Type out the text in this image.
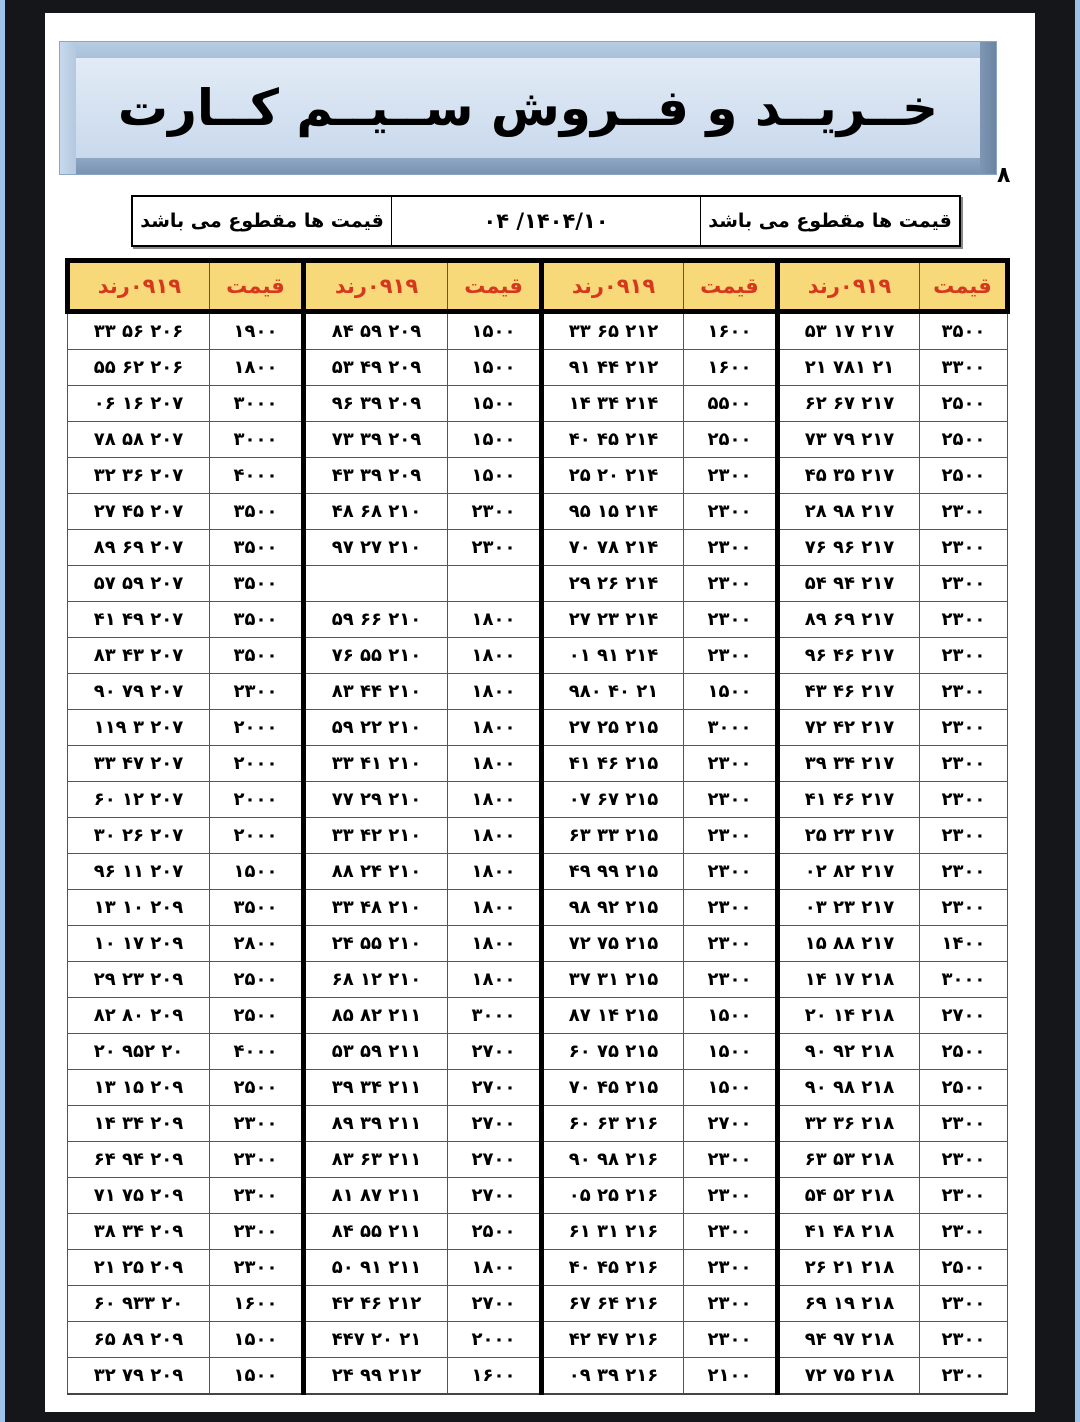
خــریــد و فــروش ســیــم کــارت
۸
قیمت ها مقطوع می باشد
۱۴۰۴/۱۰/ ۰۴
قیمت ها مقطوع می باشد
قیمت	۰۹۱۹رند	قیمت	۰۹۱۹رند	قیمت	۰۹۱۹رند	قیمت	۰۹۱۹رند
۳۵۰۰	۲۱۷ ۱۷ ۵۳	۱۶۰۰	۲۱۲ ۶۵ ۳۳	۱۵۰۰	۲۰۹ ۵۹ ۸۴	۱۹۰۰	۲۰۶ ۵۶ ۳۳
۳۳۰۰	۲۱ ۷۸۱ ۲۱	۱۶۰۰	۲۱۲ ۴۴ ۹۱	۱۵۰۰	۲۰۹ ۴۹ ۵۳	۱۸۰۰	۲۰۶ ۶۲ ۵۵
۲۵۰۰	۲۱۷ ۶۷ ۶۲	۵۵۰۰	۲۱۴ ۳۴ ۱۴	۱۵۰۰	۲۰۹ ۳۹ ۹۶	۳۰۰۰	۲۰۷ ۱۶ ۰۶
۲۵۰۰	۲۱۷ ۷۹ ۷۳	۲۵۰۰	۲۱۴ ۴۵ ۴۰	۱۵۰۰	۲۰۹ ۳۹ ۷۳	۳۰۰۰	۲۰۷ ۵۸ ۷۸
۲۵۰۰	۲۱۷ ۳۵ ۴۵	۲۳۰۰	۲۱۴ ۲۰ ۲۵	۱۵۰۰	۲۰۹ ۳۹ ۴۳	۴۰۰۰	۲۰۷ ۳۶ ۳۲
۲۳۰۰	۲۱۷ ۹۸ ۲۸	۲۳۰۰	۲۱۴ ۱۵ ۹۵	۲۳۰۰	۲۱۰ ۶۸ ۴۸	۳۵۰۰	۲۰۷ ۴۵ ۲۷
۲۳۰۰	۲۱۷ ۹۶ ۷۶	۲۳۰۰	۲۱۴ ۷۸ ۷۰	۲۳۰۰	۲۱۰ ۲۷ ۹۷	۳۵۰۰	۲۰۷ ۶۹ ۸۹
۲۳۰۰	۲۱۷ ۹۴ ۵۴	۲۳۰۰	۲۱۴ ۲۶ ۲۹			۳۵۰۰	۲۰۷ ۵۹ ۵۷
۲۳۰۰	۲۱۷ ۶۹ ۸۹	۲۳۰۰	۲۱۴ ۲۳ ۲۷	۱۸۰۰	۲۱۰ ۶۶ ۵۹	۳۵۰۰	۲۰۷ ۴۹ ۴۱
۲۳۰۰	۲۱۷ ۴۶ ۹۶	۲۳۰۰	۲۱۴ ۹۱ ۰۱	۱۸۰۰	۲۱۰ ۵۵ ۷۶	۳۵۰۰	۲۰۷ ۴۳ ۸۳
۲۳۰۰	۲۱۷ ۴۶ ۴۳	۱۵۰۰	۲۱ ۴۰ ۹۸۰	۱۸۰۰	۲۱۰ ۴۴ ۸۳	۲۳۰۰	۲۰۷ ۷۹ ۹۰
۲۳۰۰	۲۱۷ ۴۲ ۷۲	۳۰۰۰	۲۱۵ ۲۵ ۲۷	۱۸۰۰	۲۱۰ ۲۲ ۵۹	۲۰۰۰	۲۰۷ ۳ ۱۱۹
۲۳۰۰	۲۱۷ ۳۴ ۳۹	۲۳۰۰	۲۱۵ ۴۶ ۴۱	۱۸۰۰	۲۱۰ ۴۱ ۳۳	۲۰۰۰	۲۰۷ ۴۷ ۳۳
۲۳۰۰	۲۱۷ ۴۶ ۴۱	۲۳۰۰	۲۱۵ ۶۷ ۰۷	۱۸۰۰	۲۱۰ ۲۹ ۷۷	۲۰۰۰	۲۰۷ ۱۲ ۶۰
۲۳۰۰	۲۱۷ ۲۳ ۲۵	۲۳۰۰	۲۱۵ ۳۳ ۶۳	۱۸۰۰	۲۱۰ ۴۲ ۳۳	۲۰۰۰	۲۰۷ ۲۶ ۳۰
۲۳۰۰	۲۱۷ ۸۲ ۰۲	۲۳۰۰	۲۱۵ ۹۹ ۴۹	۱۸۰۰	۲۱۰ ۲۴ ۸۸	۱۵۰۰	۲۰۷ ۱۱ ۹۶
۲۳۰۰	۲۱۷ ۲۳ ۰۳	۲۳۰۰	۲۱۵ ۹۲ ۹۸	۱۸۰۰	۲۱۰ ۴۸ ۳۳	۳۵۰۰	۲۰۹ ۱۰ ۱۳
۱۴۰۰	۲۱۷ ۸۸ ۱۵	۲۳۰۰	۲۱۵ ۷۵ ۷۲	۱۸۰۰	۲۱۰ ۵۵ ۲۴	۲۸۰۰	۲۰۹ ۱۷ ۱۰
۳۰۰۰	۲۱۸ ۱۷ ۱۴	۲۳۰۰	۲۱۵ ۳۱ ۳۷	۱۸۰۰	۲۱۰ ۱۲ ۶۸	۲۵۰۰	۲۰۹ ۲۳ ۲۹
۲۷۰۰	۲۱۸ ۱۴ ۲۰	۱۵۰۰	۲۱۵ ۱۴ ۸۷	۳۰۰۰	۲۱۱ ۸۲ ۸۵	۲۵۰۰	۲۰۹ ۸۰ ۸۲
۲۵۰۰	۲۱۸ ۹۲ ۹۰	۱۵۰۰	۲۱۵ ۷۵ ۶۰	۲۷۰۰	۲۱۱ ۵۹ ۵۳	۴۰۰۰	۲۰ ۹۵۲ ۲۰
۲۵۰۰	۲۱۸ ۹۸ ۹۰	۱۵۰۰	۲۱۵ ۴۵ ۷۰	۲۷۰۰	۲۱۱ ۳۴ ۳۹	۲۵۰۰	۲۰۹ ۱۵ ۱۳
۲۳۰۰	۲۱۸ ۳۶ ۳۲	۲۷۰۰	۲۱۶ ۶۳ ۶۰	۲۷۰۰	۲۱۱ ۳۹ ۸۹	۲۳۰۰	۲۰۹ ۳۴ ۱۴
۲۳۰۰	۲۱۸ ۵۳ ۶۳	۲۳۰۰	۲۱۶ ۹۸ ۹۰	۲۷۰۰	۲۱۱ ۶۳ ۸۳	۲۳۰۰	۲۰۹ ۹۴ ۶۴
۲۳۰۰	۲۱۸ ۵۲ ۵۴	۲۳۰۰	۲۱۶ ۲۵ ۰۵	۲۷۰۰	۲۱۱ ۸۷ ۸۱	۲۳۰۰	۲۰۹ ۷۵ ۷۱
۲۳۰۰	۲۱۸ ۴۸ ۴۱	۲۳۰۰	۲۱۶ ۳۱ ۶۱	۲۵۰۰	۲۱۱ ۵۵ ۸۴	۲۳۰۰	۲۰۹ ۳۴ ۳۸
۲۵۰۰	۲۱۸ ۲۱ ۲۶	۲۳۰۰	۲۱۶ ۴۵ ۴۰	۱۸۰۰	۲۱۱ ۹۱ ۵۰	۲۳۰۰	۲۰۹ ۲۵ ۲۱
۲۳۰۰	۲۱۸ ۱۹ ۶۹	۲۳۰۰	۲۱۶ ۶۴ ۶۷	۲۷۰۰	۲۱۲ ۴۶ ۴۲	۱۶۰۰	۲۰ ۹۳۳ ۶۰
۲۳۰۰	۲۱۸ ۹۷ ۹۴	۲۳۰۰	۲۱۶ ۴۷ ۴۲	۲۰۰۰	۲۱ ۲۰ ۴۴۷	۱۵۰۰	۲۰۹ ۸۹ ۶۵
۲۳۰۰	۲۱۸ ۷۵ ۷۲	۲۱۰۰	۲۱۶ ۳۹ ۰۹	۱۶۰۰	۲۱۲ ۹۹ ۲۴	۱۵۰۰	۲۰۹ ۷۹ ۳۲
